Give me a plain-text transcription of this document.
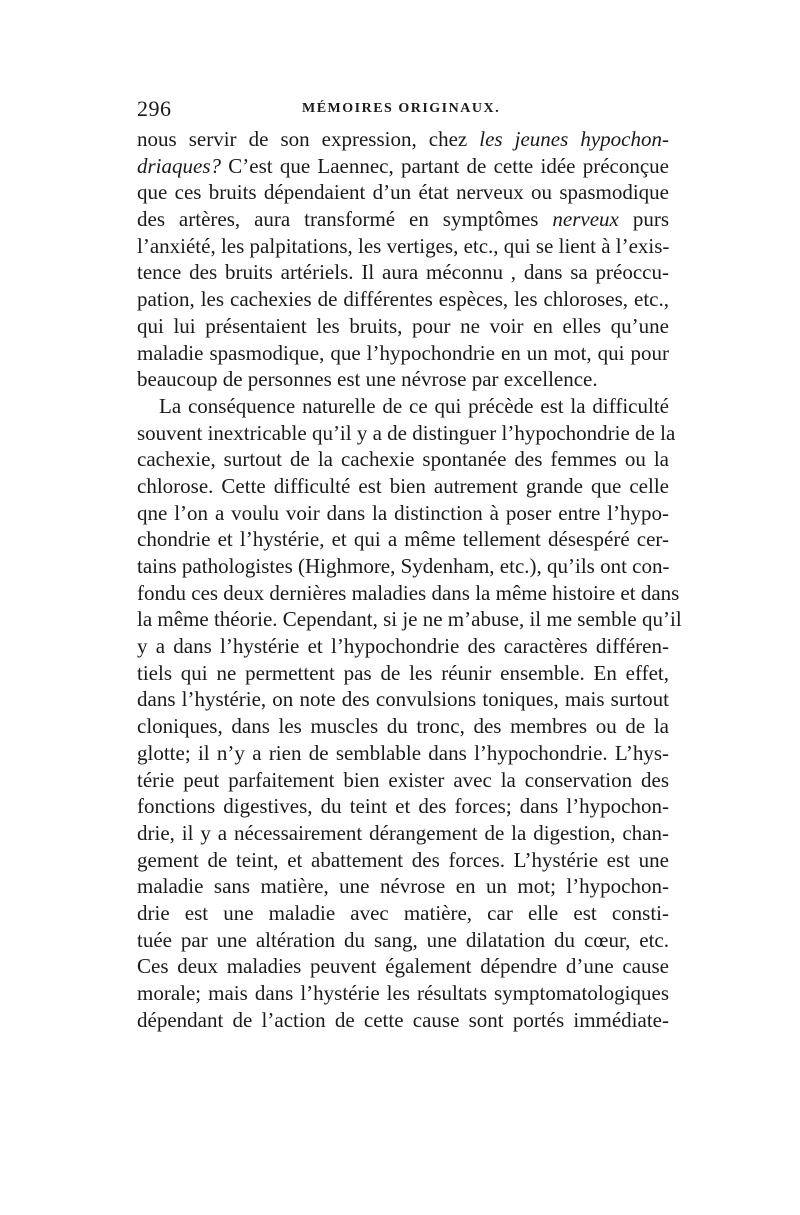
296	MÉMOIRES ORIGINAUX.
nous servir de son expression, chez les jeunes hypochon-
driaques? C’est que Laennec, partant de cette idée préconçue
que ces bruits dépendaient d’un état nerveux ou spasmodique
des artères, aura transformé en symptômes nerveux purs
l’anxiété, les palpitations, les vertiges, etc., qui se lient à l’exis-
tence des bruits artériels. Il aura méconnu , dans sa préoccu-
pation, les cachexies de différentes espèces, les chloroses, etc.,
qui lui présentaient les bruits, pour ne voir en elles qu’une
maladie spasmodique, que l’hypochondrie en un mot, qui pour
beaucoup de personnes est une névrose par excellence.
La conséquence naturelle de ce qui précède est la difficulté
souvent inextricable qu’il y a de distinguer l’hypochondrie de la
cachexie, surtout de la cachexie spontanée des femmes ou la
chlorose. Cette difficulté est bien autrement grande que celle
qne l’on a voulu voir dans la distinction à poser entre l’hypo-
chondrie et l’hystérie, et qui a même tellement désespéré cer-
tains pathologistes (Highmore, Sydenham, etc.), qu’ils ont con-
fondu ces deux dernières maladies dans la même histoire et dans
la même théorie. Cependant, si je ne m’abuse, il me semble qu’il
y a dans l’hystérie et l’hypochondrie des caractères différen-
tiels qui ne permettent pas de les réunir ensemble. En effet,
dans l’hystérie, on note des convulsions toniques, mais surtout
cloniques, dans les muscles du tronc, des membres ou de la
glotte; il n’y a rien de semblable dans l’hypochondrie. L’hys-
térie peut parfaitement bien exister avec la conservation des
fonctions digestives, du teint et des forces; dans l’hypochon-
drie, il y a nécessairement dérangement de la digestion, chan-
gement de teint, et abattement des forces. L’hystérie est une
maladie sans matière, une névrose en un mot; l’hypochon-
drie est une maladie avec matière, car elle est consti-
tuée par une altération du sang, une dilatation du cœur, etc.
Ces deux maladies peuvent également dépendre d’une cause
morale; mais dans l’hystérie les résultats symptomatologiques
dépendant de l’action de cette cause sont portés immédiate-
